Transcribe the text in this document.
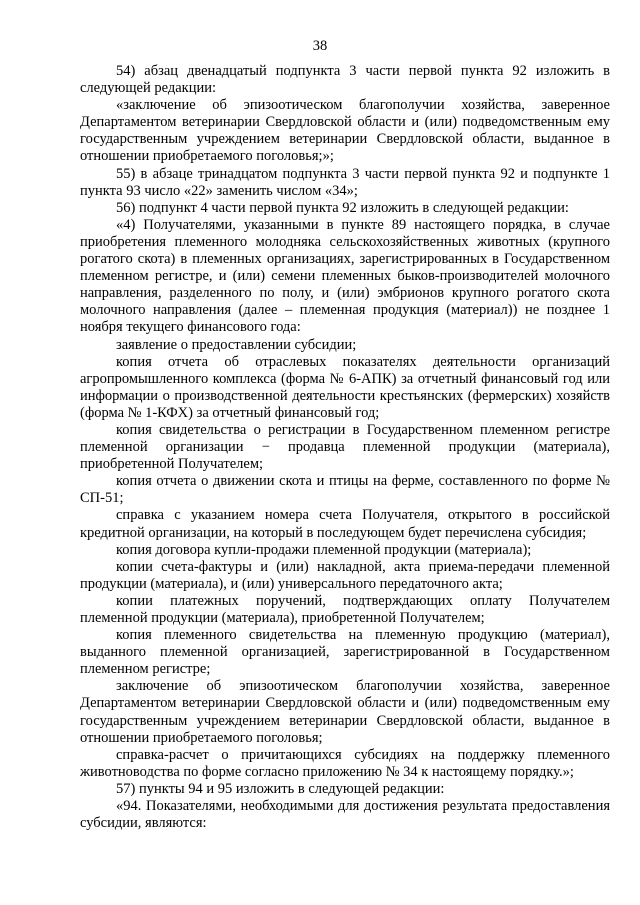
38

54) абзац двенадцатый подпункта 3 части первой пункта 92 изложить в следующей редакции:

«заключение об эпизоотическом благополучии хозяйства, заверенное Департаментом ветеринарии Свердловской области и (или) подведомственным ему государственным учреждением ветеринарии Свердловской области, выданное в отношении приобретаемого поголовья;»;

55) в абзаце тринадцатом подпункта 3 части первой пункта 92 и подпункте 1 пункта 93 число «22» заменить числом «34»;

56) подпункт 4 части первой пункта 92 изложить в следующей редакции:

«4) Получателями, указанными в пункте 89 настоящего порядка, в случае приобретения племенного молодняка сельскохозяйственных животных (крупного рогатого скота) в племенных организациях, зарегистрированных в Государственном племенном регистре, и (или) семени племенных быков-производителей молочного направления, разделенного по полу, и (или) эмбрионов крупного рогатого скота молочного направления (далее – племенная продукция (материал)) не позднее 1 ноября текущего финансового года:

заявление о предоставлении субсидии;

копия отчета об отраслевых показателях деятельности организаций агропромышленного комплекса (форма № 6-АПК) за отчетный финансовый год или информации о производственной деятельности крестьянских (фермерских) хозяйств (форма № 1-КФХ) за отчетный финансовый год;

копия свидетельства о регистрации в Государственном племенном регистре племенной организации − продавца племенной продукции (материала), приобретенной Получателем;

копия отчета о движении скота и птицы на ферме, составленного по форме № СП-51;

справка с указанием номера счета Получателя, открытого в российской кредитной организации, на который в последующем будет перечислена субсидия;

копия договора купли-продажи племенной продукции (материала);

копии счета-фактуры и (или) накладной, акта приема-передачи племенной продукции (материала), и (или) универсального передаточного акта;

копии платежных поручений, подтверждающих оплату Получателем племенной продукции (материала), приобретенной Получателем;

копия племенного свидетельства на племенную продукцию (материал), выданного племенной организацией, зарегистрированной в Государственном племенном регистре;

заключение об эпизоотическом благополучии хозяйства, заверенное Департаментом ветеринарии Свердловской области и (или) подведомственным ему государственным учреждением ветеринарии Свердловской области, выданное в отношении приобретаемого поголовья;

справка-расчет о причитающихся субсидиях на поддержку племенного животноводства по форме согласно приложению № 34 к настоящему порядку.»;

57) пункты 94 и 95 изложить в следующей редакции:

«94. Показателями, необходимыми для достижения результата предоставления субсидии, являются:
